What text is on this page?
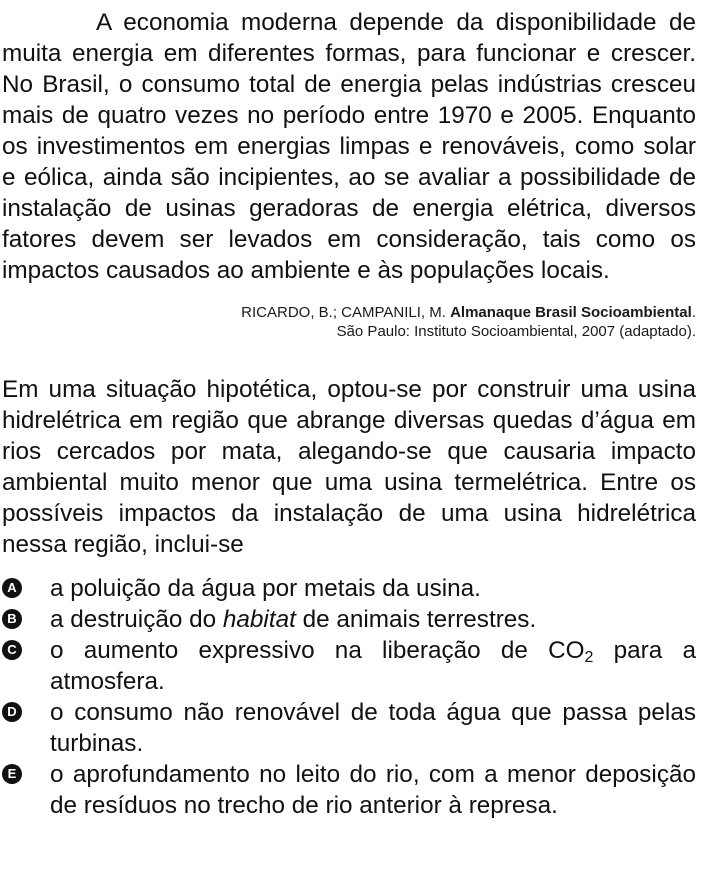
A economia moderna depende da disponibilidade de muita energia em diferentes formas, para funcionar e crescer. No Brasil, o consumo total de energia pelas indústrias cresceu mais de quatro vezes no período entre 1970 e 2005. Enquanto os investimentos em energias limpas e renováveis, como solar e eólica, ainda são incipientes, ao se avaliar a possibilidade de instalação de usinas geradoras de energia elétrica, diversos fatores devem ser levados em consideração, tais como os impactos causados ao ambiente e às populações locais.

RICARDO, B.; CAMPANILI, M. Almanaque Brasil Socioambiental.
São Paulo: Instituto Socioambiental, 2007 (adaptado).

Em uma situação hipotética, optou-se por construir uma usina hidrelétrica em região que abrange diversas quedas d’água em rios cercados por mata, alegando-se que causaria impacto ambiental muito menor que uma usina termelétrica. Entre os possíveis impactos da instalação de uma usina hidrelétrica nessa região, inclui-se

A a poluição da água por metais da usina.
B a destruição do habitat de animais terrestres.
C o aumento expressivo na liberação de $CO_2$ para a atmosfera.
D o consumo não renovável de toda água que passa pelas turbinas.
E o aprofundamento no leito do rio, com a menor deposição de resíduos no trecho de rio anterior à represa.
